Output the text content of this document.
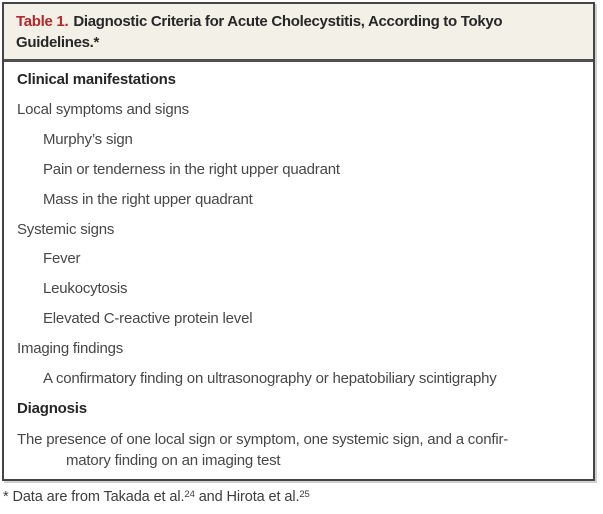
Table 1. Diagnostic Criteria for Acute Cholecystitis, According to Tokyo
Guidelines.*
Clinical manifestations
Local symptoms and signs
Murphy’s sign
Pain or tenderness in the right upper quadrant
Mass in the right upper quadrant
Systemic signs
Fever
Leukocytosis
Elevated C-reactive protein level
Imaging findings
A confirmatory finding on ultrasonography or hepatobiliary scintigraphy
Diagnosis
The presence of one local sign or symptom, one systemic sign, and a confir-
matory finding on an imaging test
* Data are from Takada et al.$^{24}$ and Hirota et al.$^{25}$
